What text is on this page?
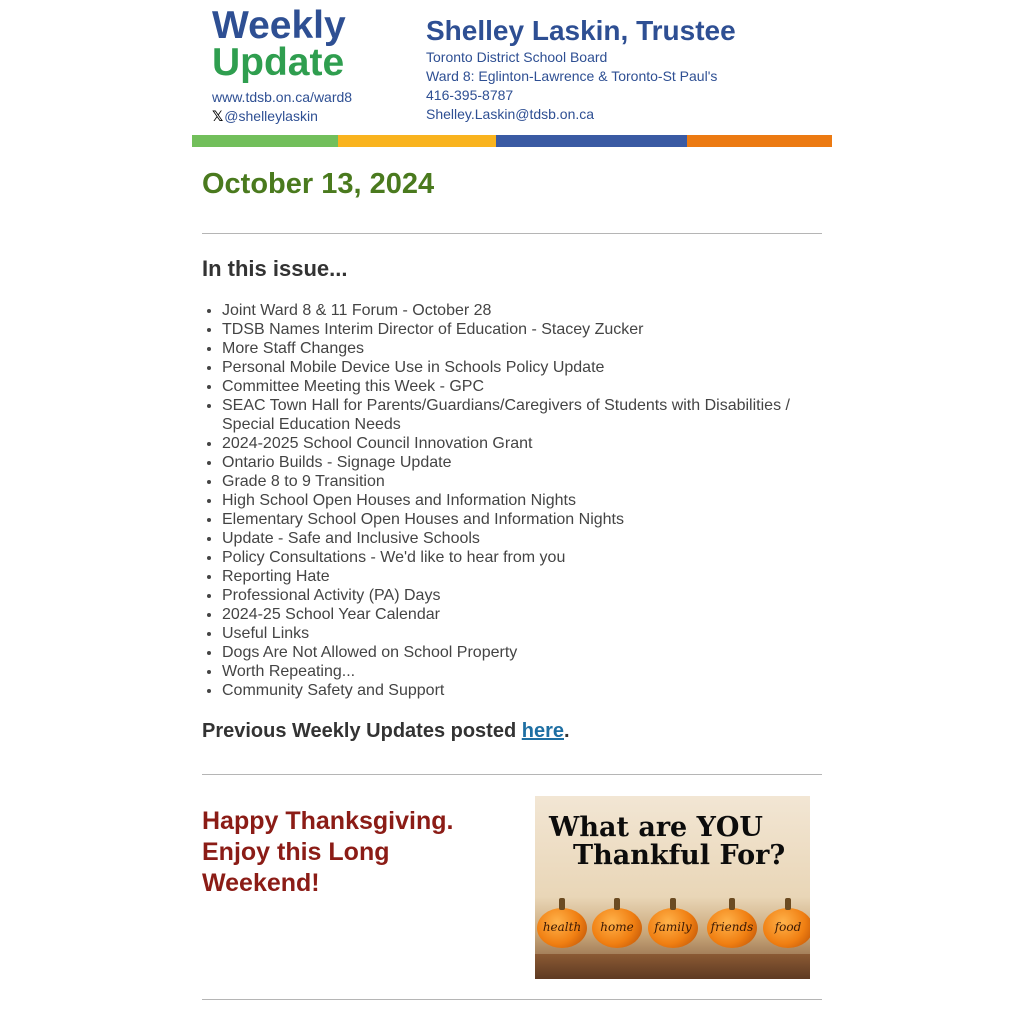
Weekly
Update
www.tdsb.on.ca/ward8
𝕏@shelleylaskin
Shelley Laskin, Trustee
Toronto District School Board
Ward 8: Eglinton-Lawrence & Toronto-St Paul's
416-395-8787
Shelley.Laskin@tdsb.on.ca
October 13, 2024
In this issue...
• Joint Ward 8 & 11 Forum - October 28
• TDSB Names Interim Director of Education - Stacey Zucker
• More Staff Changes
• Personal Mobile Device Use in Schools Policy Update
• Committee Meeting this Week - GPC
• SEAC Town Hall for Parents/Guardians/Caregivers of Students with Disabilities / Special Education Needs
• 2024-2025 School Council Innovation Grant
• Ontario Builds - Signage Update
• Grade 8 to 9 Transition
• High School Open Houses and Information Nights
• Elementary School Open Houses and Information Nights
• Update - Safe and Inclusive Schools
• Policy Consultations - We'd like to hear from you
• Reporting Hate
• Professional Activity (PA) Days
• 2024-25 School Year Calendar
• Useful Links
• Dogs Are Not Allowed on School Property
• Worth Repeating...
• Community Safety and Support
Previous Weekly Updates posted here.
Happy Thanksgiving.
Enjoy this Long
Weekend!
What are YOU
Thankful For?
health	home	family	friends	food
